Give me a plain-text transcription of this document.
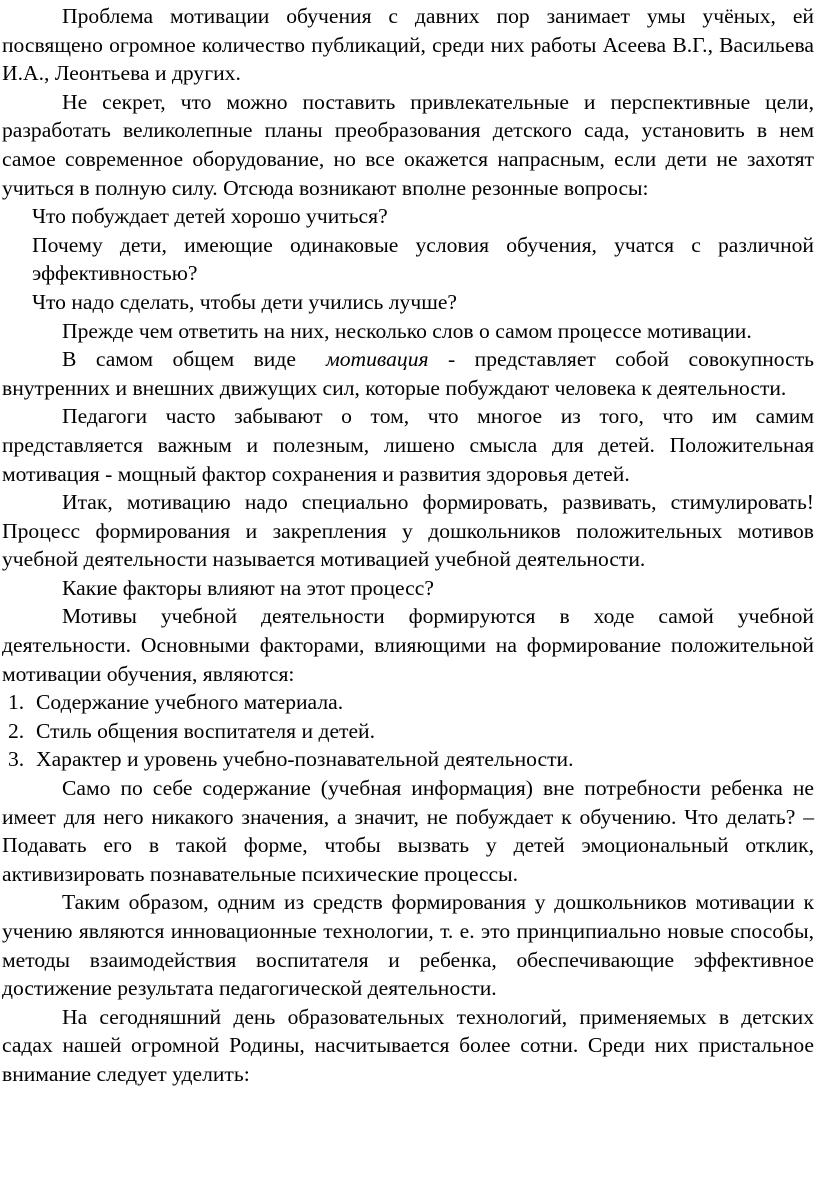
Проблема мотивации обучения с давних пор занимает умы учёных, ей посвящено огромное количество публикаций, среди них работы Асеева В.Г., Васильева И.А., Леонтьева и других.

Не секрет, что можно поставить привлекательные и перспективные цели, разработать великолепные планы преобразования детского сада, установить в нем самое современное оборудование, но все окажется напрасным, если дети не захотят учиться в полную силу. Отсюда возникают вполне резонные вопросы:

Что побуждает детей хорошо учиться?

Почему дети, имеющие одинаковые условия обучения, учатся с различной эффективностью?

Что надо сделать, чтобы дети учились лучше?

Прежде чем ответить на них, несколько слов о самом процессе мотивации.

В самом общем виде мотивация - представляет собой совокупность внутренних и внешних движущих сил, которые побуждают человека к деятельности.

Педагоги часто забывают о том, что многое из того, что им самим представляется важным и полезным, лишено смысла для детей. Положительная мотивация - мощный фактор сохранения и развития здоровья детей.

Итак, мотивацию надо специально формировать, развивать, стимулировать! Процесс формирования и закрепления у дошкольников положительных мотивов учебной деятельности называется мотивацией учебной деятельности.

Какие факторы влияют на этот процесс?

Мотивы учебной деятельности формируются в ходе самой учебной деятельности. Основными факторами, влияющими на формирование положительной мотивации обучения, являются:

1. Содержание учебного материала.
2. Стиль общения воспитателя и детей.
3. Характер и уровень учебно-познавательной деятельности.

Само по себе содержание (учебная информация) вне потребности ребенка не имеет для него никакого значения, а значит, не побуждает к обучению. Что делать? – Подавать его в такой форме, чтобы вызвать у детей эмоциональный отклик, активизировать познавательные психические процессы.

Таким образом, одним из средств формирования у дошкольников мотивации к учению являются инновационные технологии, т. е. это принципиально новые способы, методы взаимодействия воспитателя и ребенка, обеспечивающие эффективное достижение результата педагогической деятельности.

На сегодняшний день образовательных технологий, применяемых в детских садах нашей огромной Родины, насчитывается более сотни. Среди них пристальное внимание следует уделить:
